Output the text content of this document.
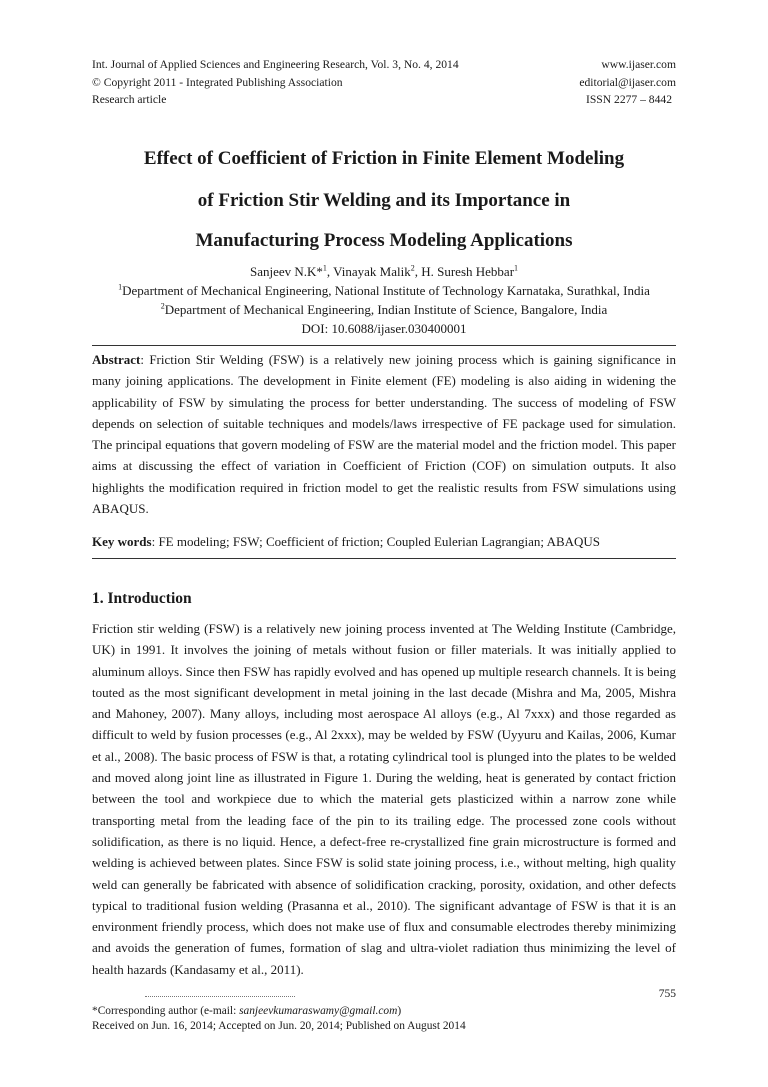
Int. Journal of Applied Sciences and Engineering Research, Vol. 3, No. 4, 2014	www.ijaser.com
© Copyright 2011 - Integrated Publishing Association	editorial@ijaser.com
Research article	ISSN 2277 – 8442
Effect of Coefficient of Friction in Finite Element Modeling
of Friction Stir Welding and its Importance in
Manufacturing Process Modeling Applications
Sanjeev N.K*$^1$, Vinayak Malik$^2$, H. Suresh Hebbar$^1$
$^1$Department of Mechanical Engineering, National Institute of Technology Karnataka, Surathkal, India
$^2$Department of Mechanical Engineering, Indian Institute of Science, Bangalore, India
DOI: 10.6088/ijaser.030400001
Abstract: Friction Stir Welding (FSW) is a relatively new joining process which is gaining significance in many joining applications. The development in Finite element (FE) modeling is also aiding in widening the applicability of FSW by simulating the process for better understanding. The success of modeling of FSW depends on selection of suitable techniques and models/laws irrespective of FE package used for simulation. The principal equations that govern modeling of FSW are the material model and the friction model. This paper aims at discussing the effect of variation in Coefficient of Friction (COF) on simulation outputs. It also highlights the modification required in friction model to get the realistic results from FSW simulations using ABAQUS.
Key words: FE modeling; FSW; Coefficient of friction; Coupled Eulerian Lagrangian; ABAQUS
1. Introduction
Friction stir welding (FSW) is a relatively new joining process invented at The Welding Institute (Cambridge, UK) in 1991. It involves the joining of metals without fusion or filler materials. It was initially applied to aluminum alloys. Since then FSW has rapidly evolved and has opened up multiple research channels. It is being touted as the most significant development in metal joining in the last decade (Mishra and Ma, 2005, Mishra and Mahoney, 2007). Many alloys, including most aerospace Al alloys (e.g., Al 7xxx) and those regarded as difficult to weld by fusion processes (e.g., Al 2xxx), may be welded by FSW (Uyyuru and Kailas, 2006, Kumar et al., 2008). The basic process of FSW is that, a rotating cylindrical tool is plunged into the plates to be welded and moved along joint line as illustrated in Figure 1. During the welding, heat is generated by contact friction between the tool and workpiece due to which the material gets plasticized within a narrow zone while transporting metal from the leading face of the pin to its trailing edge. The processed zone cools without solidification, as there is no liquid. Hence, a defect-free re-crystallized fine grain microstructure is formed and welding is achieved between plates. Since FSW is solid state joining process, i.e., without melting, high quality weld can generally be fabricated with absence of solidification cracking, porosity, oxidation, and other defects typical to traditional fusion welding (Prasanna et al., 2010). The significant advantage of FSW is that it is an environment friendly process, which does not make use of flux and consumable electrodes thereby minimizing and avoids the generation of fumes, formation of slag and ultra-violet radiation thus minimizing the level of health hazards (Kandasamy et al., 2011).
755
*Corresponding author (e-mail: sanjeevkumaraswamy@gmail.com)
Received on Jun. 16, 2014; Accepted on Jun. 20, 2014; Published on August 2014
